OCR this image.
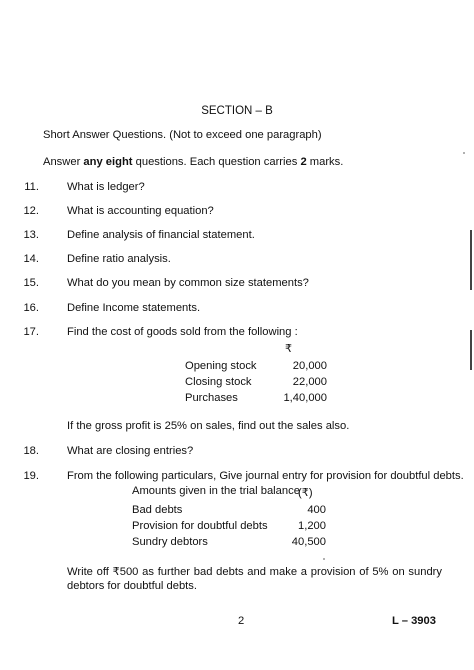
SECTION – B
Short Answer Questions. (Not to exceed one paragraph)
Answer any eight questions. Each question carries 2 marks.
11.	What is ledger?
12.	What is accounting equation?
13.	Define analysis of financial statement.
14.	Define ratio analysis.
15.	What do you mean by common size statements?
16.	Define Income statements.
17.	Find the cost of goods sold from the following :
₹
Opening stock	20,000
Closing stock	22,000
Purchases	1,40,000
If the gross profit is 25% on sales, find out the sales also.
18.	What are closing entries?
19.	From the following particulars, Give journal entry for provision for doubtful debts.
Amounts given in the trial balance
(₹)
Bad debts	400
Provision for doubtful debts	1,200
Sundry debtors	40,500
Write off ₹500 as further bad debts and make a provision of 5% on sundry
debtors for doubtful debts.
2	L – 3903
